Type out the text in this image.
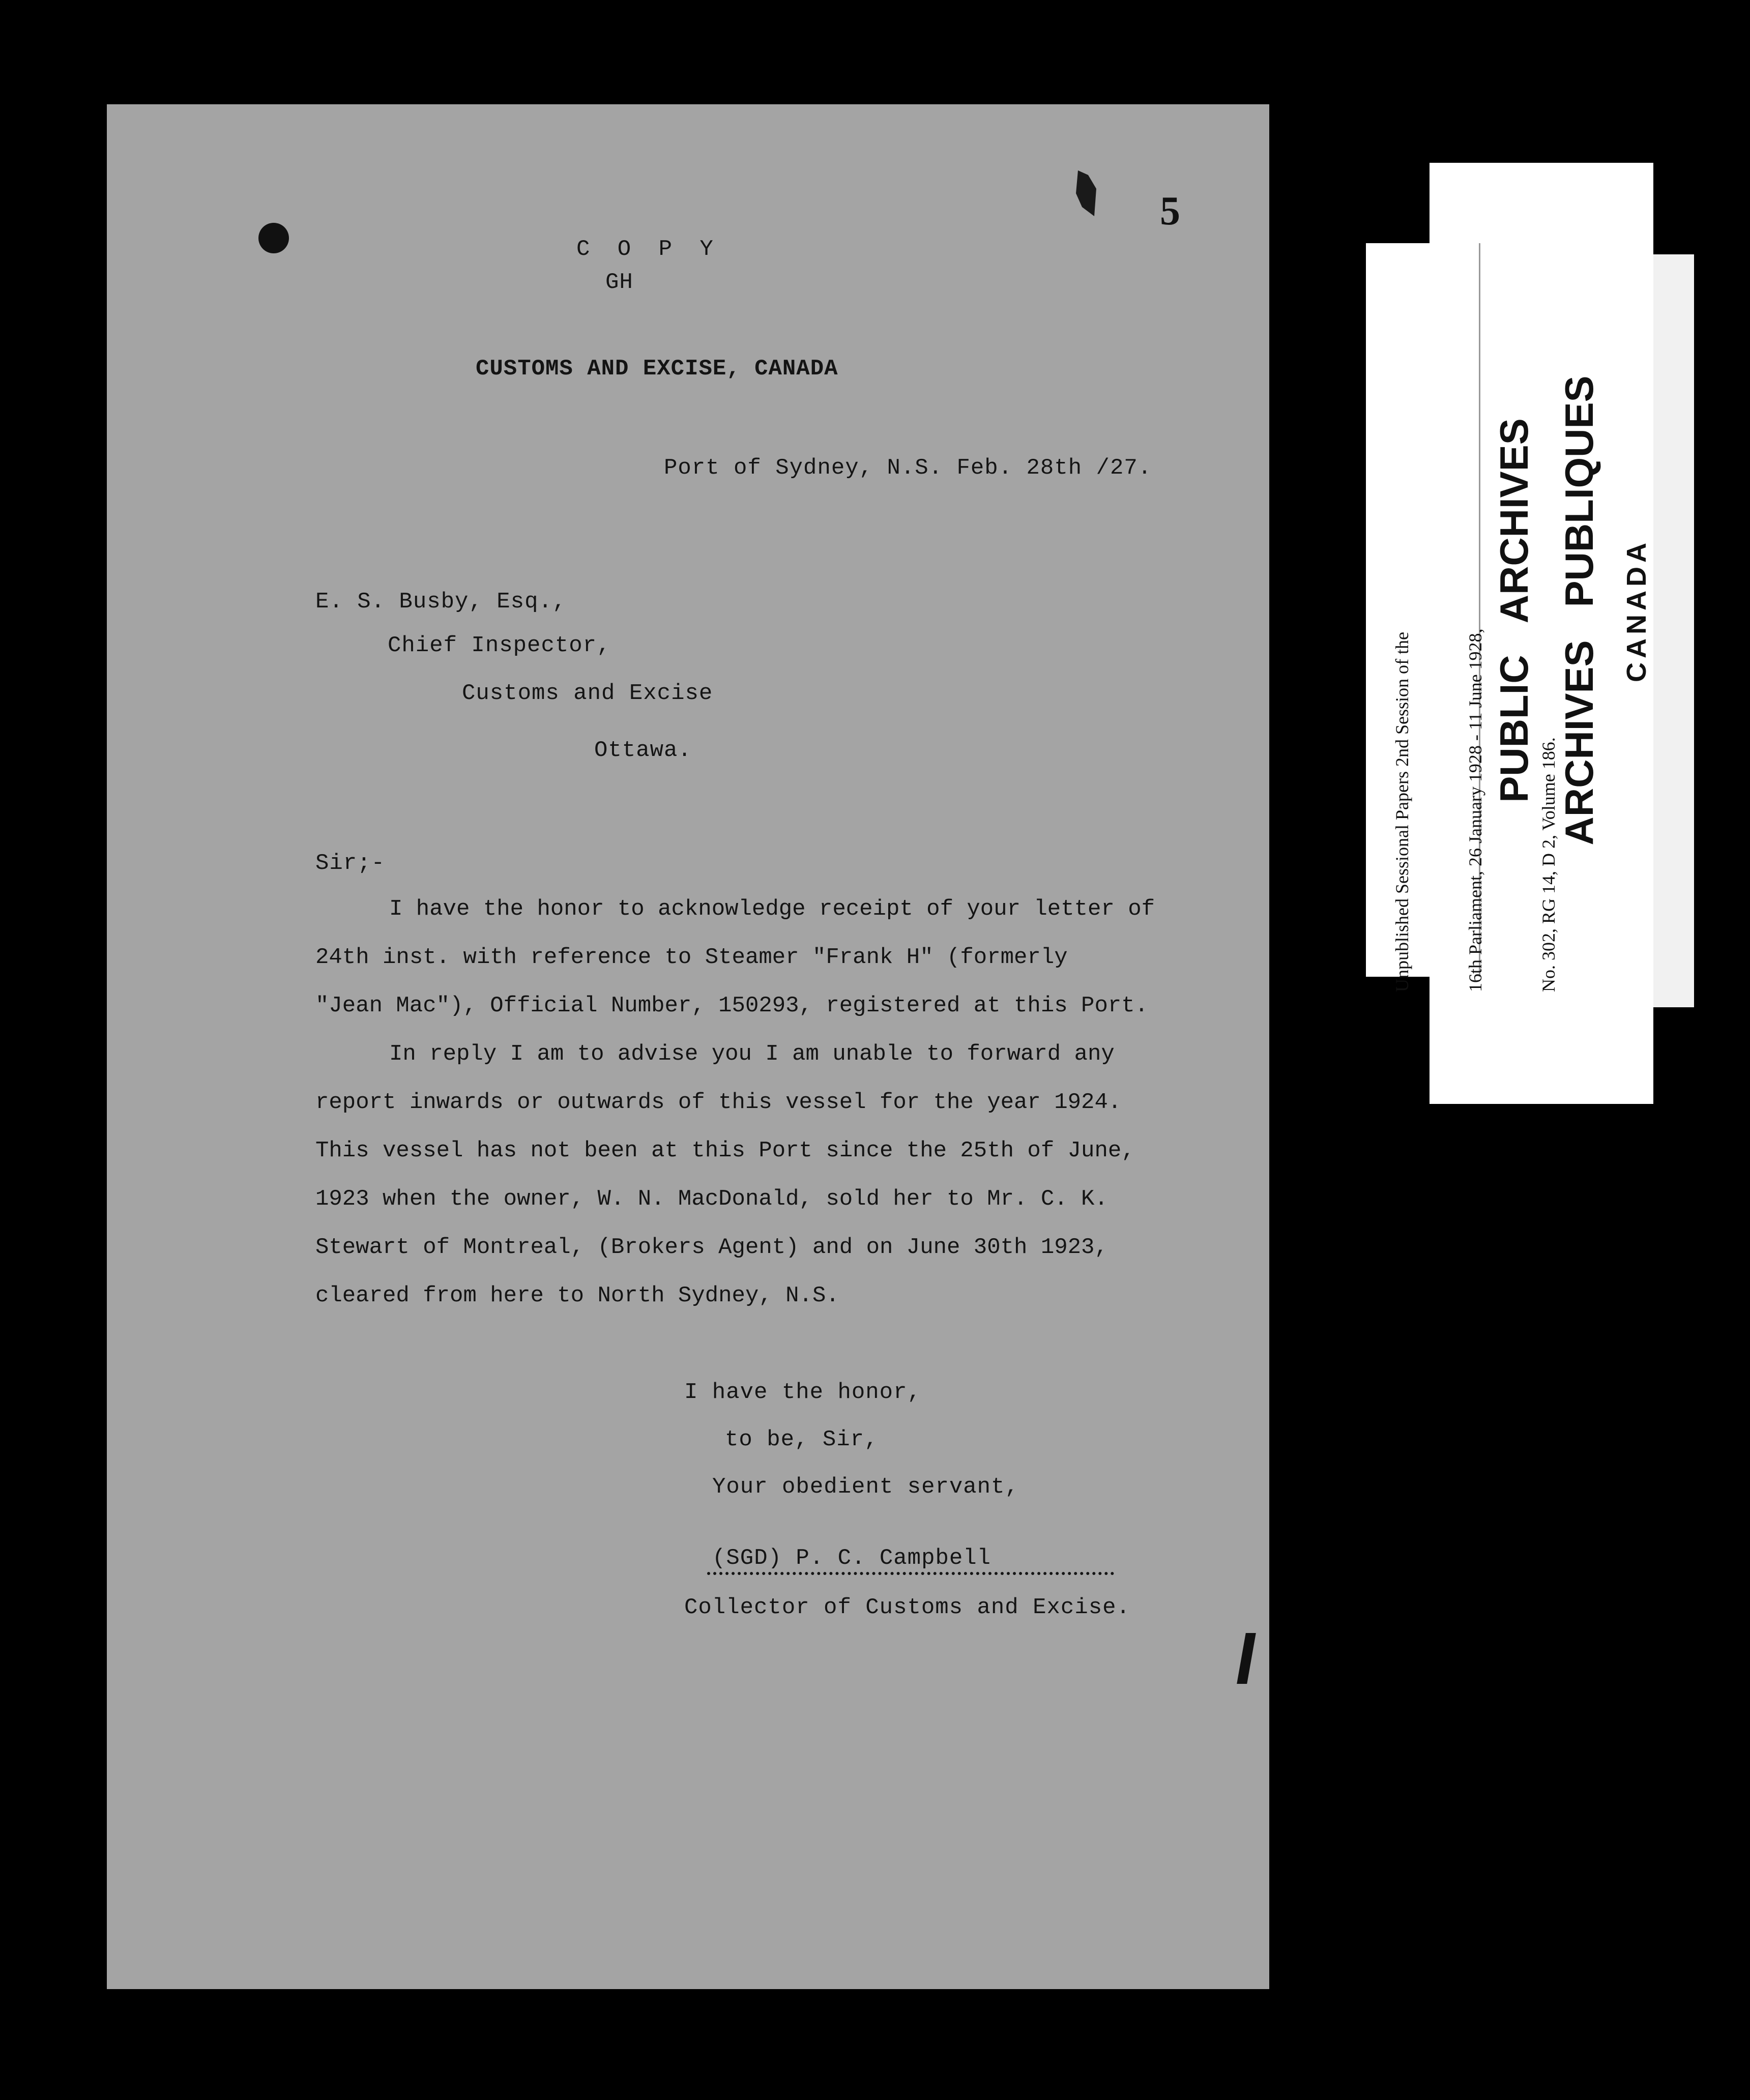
Unpublished Sessional Papers 2nd Session of the

	16th Parliament, 26 January 1928 - 11 June 1928,

	No. 302, RG 14, D 2, Volume 186.

PUBLIC   ARCHIVES

ARCHIVES   PUBLIQUES

CANADA

5
C O P Y
GH
CUSTOMS AND EXCISE, CANADA
Port of Sydney, N.S. Feb. 28th /27.
E. S. Busby, Esq.,
Chief Inspector,
Customs and Excise
Ottawa.
Sir;-
I have the honor to acknowledge receipt of your letter of
24th inst. with reference to Steamer "Frank H" (formerly
"Jean Mac"), Official Number, 150293, registered at this Port.
In reply I am to advise you I am unable to forward any
report inwards or outwards of this vessel for the year 1924.
This vessel has not been at this Port since the 25th of June,
1923 when the owner, W. N. MacDonald, sold her to Mr. C. K.
Stewart of Montreal, (Brokers Agent) and on June 30th 1923,
cleared from here to North Sydney, N.S.
I have the honor,
to be, Sir,
Your obedient servant,
(SGD) P. C. Campbell
Collector of Customs and Excise.
